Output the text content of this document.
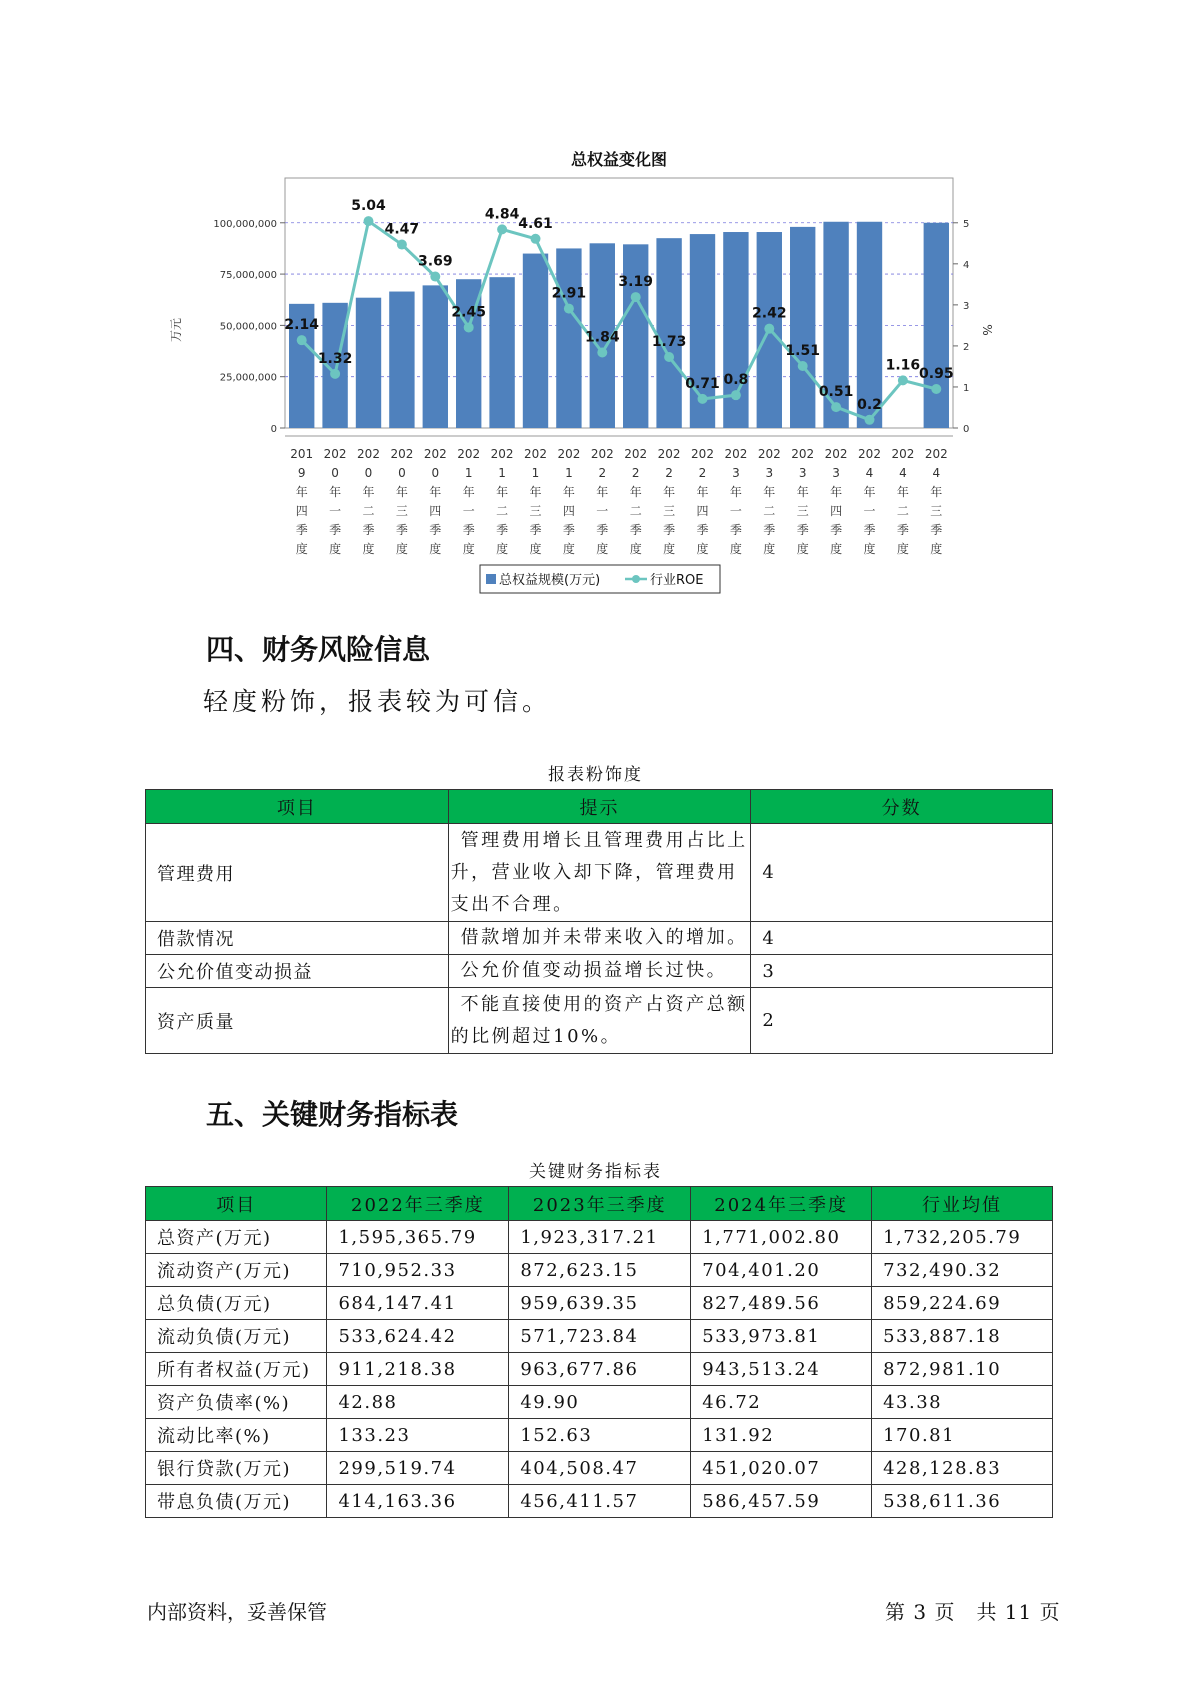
总权益变化图
0
25,000,000
50,000,000
75,000,000
100,000,000
0
1
2
3
4
5
万元	%
2.14
1.32
5.04
4.47
3.69
2.45
4.84
4.61
2.91
1.84
3.19
1.73
0.71 0.8
2.42
1.51
0.51
0.2
1.16
0.95
201 9 年四季度
202 0 年一季度
202 0 年二季度
202 0 年三季度
202 0 年四季度
202 1 年一季度
202 1 年二季度
202 1 年三季度
202 1 年四季度
202 2 年一季度
202 2 年二季度
202 2 年三季度
202 2 年四季度
202 3 年一季度
202 3 年二季度
202 3 年三季度
202 3 年四季度
202 4 年一季度
202 4 年二季度
202 4 年三季度
总权益规模(万元)	行业ROE
四、财务风险信息

轻度粉饰，报表较为可信。

报表粉饰度
项目	提示	分数
管理费用	管理费用增长且管理费用占比上升，营业收入却下降，管理费用支出不合理。	4
借款情况	借款增加并未带来收入的增加。	4
公允价值变动损益	公允价值变动损益增长过快。	3
资产质量	不能直接使用的资产占资产总额的比例超过10%。	2
五、关键财务指标表
关键财务指标表
项目	2022年三季度	2023年三季度	2024年三季度	行业均值
总资产(万元)	1,595,365.79	1,923,317.21	1,771,002.80	1,732,205.79
流动资产(万元)	710,952.33	872,623.15	704,401.20	732,490.32
总负债(万元)	684,147.41	959,639.35	827,489.56	859,224.69
流动负债(万元)	533,624.42	571,723.84	533,973.81	533,887.18
所有者权益(万元)	911,218.38	963,677.86	943,513.24	872,981.10
资产负债率(%)	42.88	49.90	46.72	43.38
流动比率(%)	133.23	152.63	131.92	170.81
银行贷款(万元)	299,519.74	404,508.47	451,020.07	428,128.83
带息负债(万元)	414,163.36	456,411.57	586,457.59	538,611.36
内部资料，妥善保管	第 3 页　共 11 页
